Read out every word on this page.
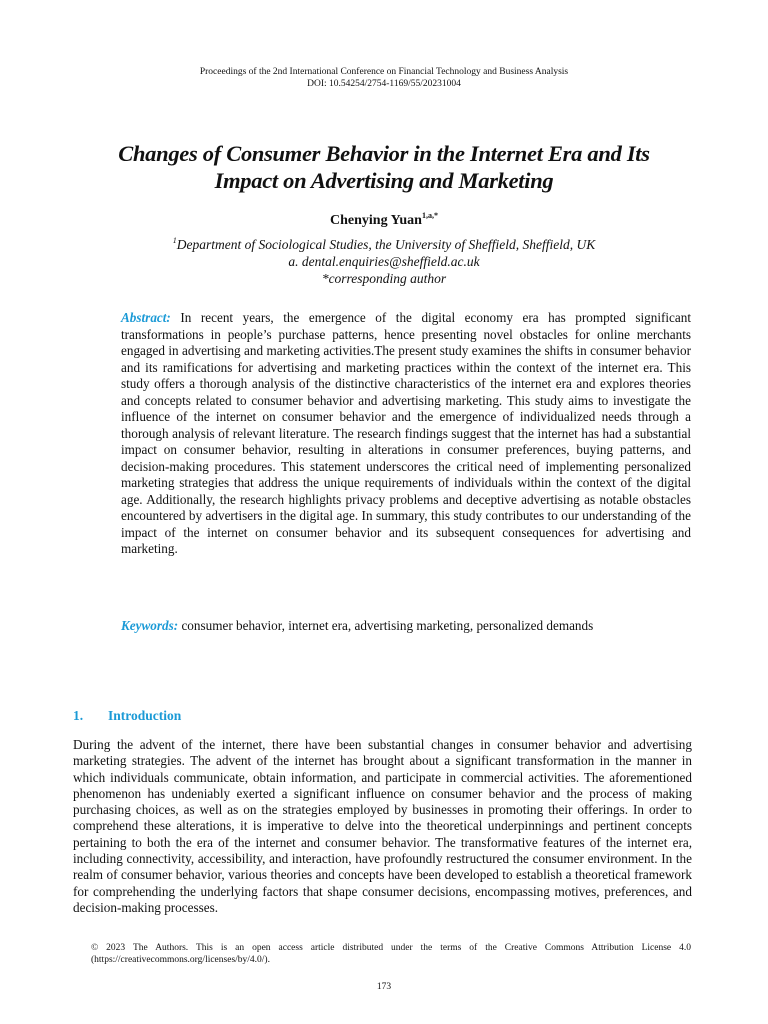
Proceedings of the 2nd International Conference on Financial Technology and Business Analysis
DOI: 10.54254/2754-1169/55/20231004
Changes of Consumer Behavior in the Internet Era and Its
Impact on Advertising and Marketing
Chenying Yuan$^{1,a,*}$
$^1$Department of Sociological Studies, the University of Sheffield, Sheffield, UK
a. dental.enquiries@sheffield.ac.uk
*corresponding author
Abstract: In recent years, the emergence of the digital economy era has prompted significant transformations in people’s purchase patterns, hence presenting novel obstacles for online merchants engaged in advertising and marketing activities.The present study examines the shifts in consumer behavior and its ramifications for advertising and marketing practices within the context of the internet era. This study offers a thorough analysis of the distinctive characteristics of the internet era and explores theories and concepts related to consumer behavior and advertising marketing. This study aims to investigate the influence of the internet on consumer behavior and the emergence of individualized needs through a thorough analysis of relevant literature. The research findings suggest that the internet has had a substantial impact on consumer behavior, resulting in alterations in consumer preferences, buying patterns, and decision-making procedures. This statement underscores the critical need of implementing personalized marketing strategies that address the unique requirements of individuals within the context of the digital age. Additionally, the research highlights privacy problems and deceptive advertising as notable obstacles encountered by advertisers in the digital age. In summary, this study contributes to our understanding of the impact of the internet on consumer behavior and its subsequent consequences for advertising and marketing.
Keywords: consumer behavior, internet era, advertising marketing, personalized demands
1. Introduction
During the advent of the internet, there have been substantial changes in consumer behavior and advertising marketing strategies. The advent of the internet has brought about a significant transformation in the manner in which individuals communicate, obtain information, and participate in commercial activities. The aforementioned phenomenon has undeniably exerted a significant influence on consumer behavior and the process of making purchasing choices, as well as on the strategies employed by businesses in promoting their offerings. In order to comprehend these alterations, it is imperative to delve into the theoretical underpinnings and pertinent concepts pertaining to both the era of the internet and consumer behavior. The transformative features of the internet era, including connectivity, accessibility, and interaction, have profoundly restructured the consumer environment. In the realm of consumer behavior, various theories and concepts have been developed to establish a theoretical framework for comprehending the underlying factors that shape consumer decisions, encompassing motives, preferences, and decision-making processes.
© 2023 The Authors. This is an open access article distributed under the terms of the Creative Commons Attribution License 4.0 (https://creativecommons.org/licenses/by/4.0/).
173
